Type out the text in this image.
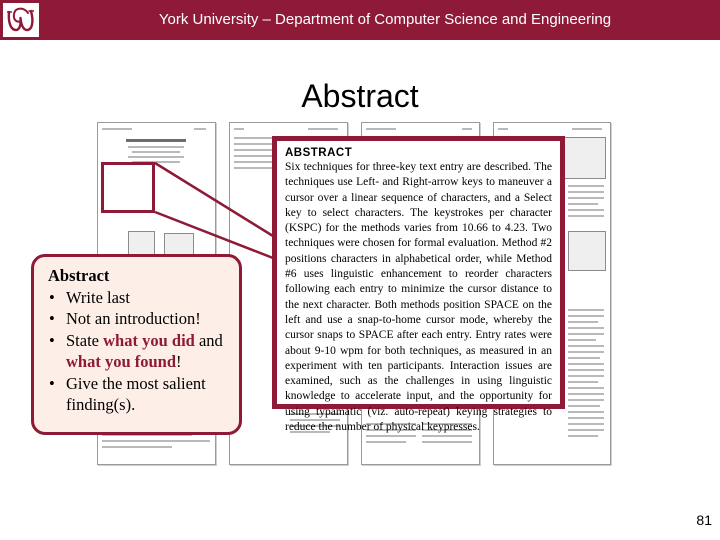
York University – Department of Computer Science and Engineering
Abstract
ABSTRACT
Six techniques for three-key text entry are described. The techniques use Left- and Right-arrow keys to maneuver a cursor over a linear sequence of characters, and a Select key to select characters. The keystrokes per character (KSPC) for the methods varies from 10.66 to 4.23. Two techniques were chosen for formal evaluation. Method #2 positions characters in alphabetical order, while Method #6 uses linguistic enhancement to reorder characters following each entry to minimize the cursor distance to the next character. Both methods position SPACE on the left and use a snap-to-home cursor mode, whereby the cursor snaps to SPACE after each entry. Entry rates were about 9-10 wpm for both techniques, as measured in an experiment with ten participants. Interaction issues are examined, such as the challenges in using linguistic knowledge to accelerate input, and the opportunity for using typamatic (viz. auto-repeat) keying strategies to reduce the number of physical keypresses.
Abstract
• Write last
• Not an introduction!
• State what you did and what you found!
• Give the most salient finding(s).
81
